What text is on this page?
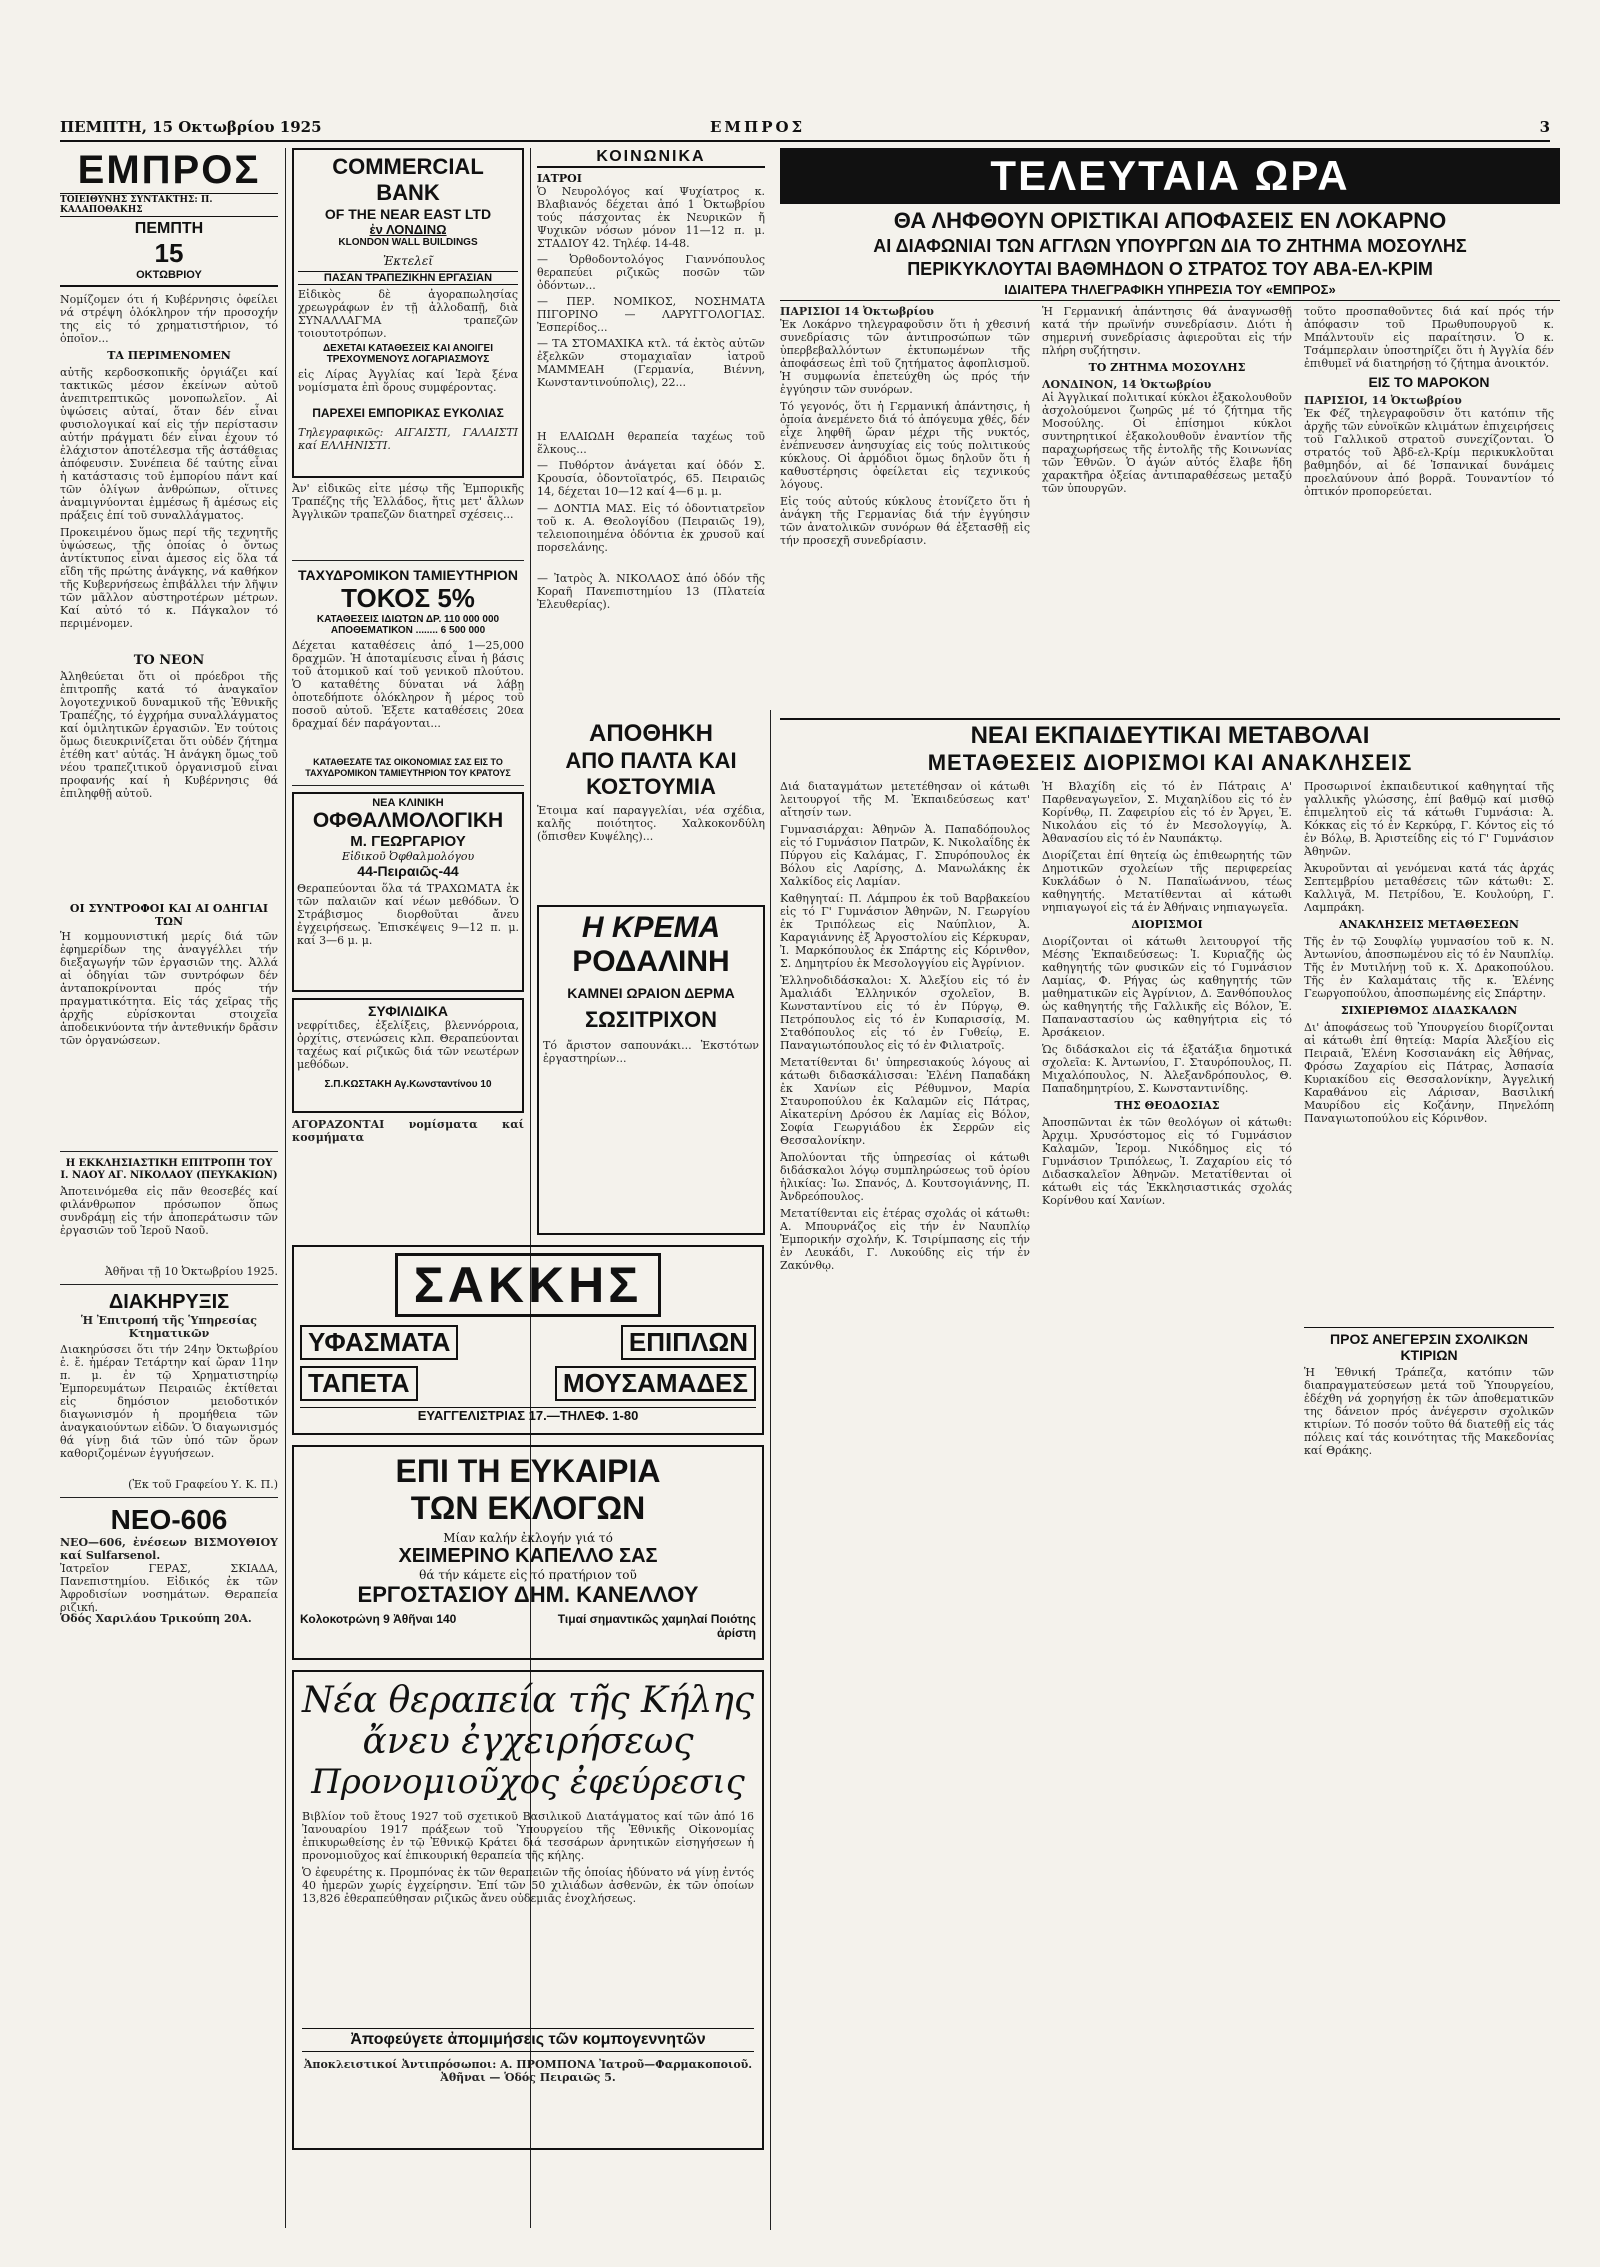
ΠΕΜΠΤΗ, 15 Οκτωβρίου 1925	ΕΜΠΡΟΣ	3
ΕΜΠΡΟΣ
ΤΟΙΕΙΘΥΝΗΣ ΣΥΝΤΑΚΤΗΣ: Π. ΚΑΛΑΠΟΘΑΚΗΣ
ΠΕΜΠΤΗ
15
ΟΚΤΩΒΡΙΟΥ
Νομίζομεν ότι ή Κυβέρνησις ὀφείλει νά στρέψη ὁλόκληρον τήν προσοχήν της εἰς τό χρηματιστήριον, τό ὁποῖον...
ΤΑ ΠΕΡΙΜΕΝΟΜΕΝ

αὐτῆς κερδοσκοπικῆς ὀργιάζει καί τακτικῶς μέσον ἐκείνων αὐτοῦ ἀνεπιτρεπτικῶς μονοπωλεῖον. Αἱ ὑψώσεις αὐταί, ὅταν δέν εἶναι φυσιολογικαί καί εἰς τήν περίστασιν αὐτήν πράγματι δέν εἶναι ἐχουν τό ἐλάχιστον ἀποτέλεσμα τῆς ἀστάθειας ἀπόφευσιν. Συνέπεια δέ ταύτης εἶναι ἡ κατάστασις τοῦ ἐμπορίου πάντ καί τῶν ὁλίγων ἀνθρώπων, οἵτινες ἀναμιγνύονται ἐμμέσως ἤ ἀμέσως εἰς πράξεις ἐπί τοῦ συναλλάγματος.

Προκειμένου ὅμως περί τῆς τεχνητῆς ὑψώσεως, τῆς ὁποίας ὁ ὄντως ἀντίκτυπος εἶναι ἀμεσος εἰς ὅλα τά εἴδη τῆς πρώτης ἀνάγκης, νά καθήκον τῆς Κυβερνήσεως ἐπιβάλλει τήν λῆψιν τῶν μᾶλλον αὐστηροτέρων μέτρων. Καί αὐτό τό κ. Πάγκαλον τό περιμένομεν.

ΤΟ ΝΕΟΝ

Ἀληθεύεται ὅτι οἱ πρόεδροι τῆς ἐπιτροπῆς κατά τό ἀναγκαῖον λογοτεχνικοῦ δυναμικοῦ τῆς Ἐθνικῆς Τραπέζης, τό ἐγχρήμα συναλλάγματος καί ὁμιλητικῶν ἐργασιῶν. Ἐν τούτοις ὅμως διευκρινίζεται ὅτι οὐδέν ζήτημα ἐτέθη κατ' αὐτάς. Ἡ ἀνάγκη ὅμως τοῦ νέου τραπεζιτικοῦ ὀργανισμοῦ εἶναι προφανής καί ἡ Κυβέρνησις θά ἐπιληφθῇ αὐτοῦ.

ΟΙ ΣΥΝΤΡΟΦΟΙ ΚΑΙ ΑΙ ΟΔΗΓΙΑΙ ΤΩΝ

Ἡ κομμουνιστική μερίς διά τῶν ἐφημερίδων της ἀναγγέλλει τήν διεξαγωγήν τῶν ἐργασιῶν της. Ἀλλά αἱ ὁδηγίαι τῶν συντρόφων δέν ἀνταποκρίνονται πρός τήν πραγματικότητα. Εἰς τάς χεῖρας τῆς ἀρχῆς εὑρίσκονται στοιχεῖα ἀποδεικνύοντα τήν ἀντεθνικήν δρᾶσιν τῶν ὀργανώσεων.

Η ΕΚΚΛΗΣΙΑΣΤΙΚΗ ΕΠΙΤΡΟΠΗ ΤΟΥ Ι. ΝΑΟΥ ΑΓ. ΝΙΚΟΛΑΟΥ (ΠΕΥΚΑΚΙΩΝ)

Ἀποτεινόμεθα εἰς πᾶν θεοσεβές καί φιλάνθρωπον πρόσωπον ὅπως συνδράμῃ εἰς τήν ἀποπεράτωσιν τῶν ἐργασιῶν τοῦ Ἱεροῦ Ναοῦ.

Ἀθῆναι τῇ 10 Ὀκτωβρίου 1925.
ΔΙΑΚΗΡΥΞΙΣ
Ἡ Ἐπιτροπή τῆς Ὑπηρεσίας Κτηματικῶν

Διακηρύσσει ὅτι τήν 24ην Ὀκτωβρίου ἐ. ἔ. ἡμέραν Τετάρτην καί ὥραν 11ην π. μ. ἐν τῷ Χρηματιστηρίῳ Ἐμπορευμάτων Πειραιῶς ἐκτίθεται εἰς δημόσιον μειοδοτικόν διαγωνισμόν ἡ προμήθεια τῶν ἀναγκαιούντων εἰδῶν. Ὁ διαγωνισμός θά γίνῃ διά τῶν ὑπό τῶν ὅρων καθοριζομένων ἐγγυήσεων.

(Ἐκ τοῦ Γραφείου Υ. Κ. Π.)
ΝΕΟ-606
ΝΕΟ—606, ἐνέσεων ΒΙΣΜΟΥΘΙΟΥ καί Sulfarsenol.

Ἰατρεῖον ΓΕΡΑΣ, ΣΚΙΑΔΑ, Πανεπιστημίου. Εἰδικός ἐκ τῶν Ἀφροδισίων νοσημάτων. Θεραπεία ριζική.

Ὁδός Χαριλάου Τρικούπη 20Α.
COMMERCIAL BANK
OF THE NEAR EAST LTD
ἐν ΛΟΝΔΙΝΩ
KLONDON WALL BUILDINGS
Ἐκτελεῖ
ΠΑΣΑΝ ΤΡΑΠΕΖΙΚΗΝ ΕΡΓΑΣΙΑΝ
Εἰδικὸς δὲ ἀγοραπωλησίας χρεωγράφων ἐν τῇ ἀλλοδαπῇ, διὰ ΣΥΝΑΛΛΑΓΜΑ τραπεζῶν τοιουτοτρόπων.
ΔΕΧΕΤΑΙ ΚΑΤΑΘΕΣΕΙΣ ΚΑΙ ΑΝΟΙΓΕΙ ΤΡΕΧΟΥΜΕΝΟΥΣ ΛΟΓΑΡΙΑΣΜΟΥΣ
εἰς Λίρας Ἀγγλίας καί Ἱερὰ ξένα νομίσματα ἐπὶ ὅρους συμφέροντας.
ΠΑΡΕΧΕΙ ΕΜΠΟΡΙΚΑΣ ΕΥΚΟΛΙΑΣ
Τηλεγραφικῶς: ΑΙΓΑΙΣΤΙ, ΓΑΛΑΙΣΤΙ καί ΕΛΛΗΝΙΣΤΙ.
Ἀν' εἰδικῶς εἶτε μέσῳ τῆς Ἐμπορικῆς Τραπέζης τῆς Ἑλλάδος, ἥτις μετ' ἄλλων Ἀγγλικῶν τραπεζῶν διατηρεῖ σχέσεις...
ΤΑΧΥΔΡΟΜΙΚΟΝ ΤΑΜΙΕΥΤΗΡΙΟΝ
ΤΟΚΟΣ 5%
ΚΑΤΑΘΕΣΕΙΣ ΙΔΙΩΤΩΝ ΔΡ. 110 000 000
ΑΠΟΘΕΜΑΤΙΚΟΝ ........ 6 500 000
Δέχεται καταθέσεις ἀπό 1—25,000 δραχμῶν. Ἡ ἀποταμίευσις εἶναι ἡ βάσις τοῦ ἀτομικοῦ καί τοῦ γενικοῦ πλούτου. Ὁ καταθέτης δύναται νά λάβῃ ὁποτεδήποτε ὁλόκληρον ἤ μέρος τοῦ ποσοῦ αὐτοῦ. Ἐξετε καταθέσεις 20εα δραχμαί δέν παράγονται...
ΚΑΤΑΘΕΣΑΤΕ ΤΑΣ ΟΙΚΟΝΟΜΙΑΣ ΣΑΣ ΕΙΣ ΤΟ ΤΑΧΥΔΡΟΜΙΚΟΝ ΤΑΜΙΕΥΤΗΡΙΟΝ ΤΟΥ ΚΡΑΤΟΥΣ
ΝΕΑ ΚΛΙΝΙΚΗ
ΟΦΘΑΛΜΟΛΟΓΙΚΗ
Μ. ΓΕΩΡΓΑΡΙΟΥ
Εἰδικοῦ Ὀφθαλμολόγου
44-Πειραιῶς-44
Θεραπεύονται ὅλα τά ΤΡΑΧΩΜΑΤΑ ἐκ τῶν παλαιῶν καί νέων μεθόδων. Ὁ Στράβισμος διορθοῦται ἄνευ ἐγχειρήσεως. Ἐπισκέψεις 9—12 π. μ. καί 3—6 μ. μ.
ΣΥΦΙΛΙΔΙΚΑ
νεφρίτιδες, ἐξελίξεις, βλεννόρροια, ὀρχίτις, στενώσεις κλπ. Θεραπεύονται ταχέως καί ριζικῶς διά τῶν νεωτέρων μεθόδων.
Σ.Π.ΚΩΣΤΑΚΗ Αγ.Κωνσταντίνου 10
ΑΓΟΡΑΖΟΝΤΑΙ νομίσματα καί κοσμήματα
ΚΟΙΝΩΝΙΚΑ
ΙΑΤΡΟΙ
Ὁ Νευρολόγος καί Ψυχίατρος κ. Βλαβιανός δέχεται ἀπό 1 Ὀκτωβρίου τούς πάσχοντας ἐκ Νευρικῶν ἤ Ψυχικῶν νόσων μόνον 11—12 π. μ. ΣΤΑΔΙΟΥ 42. Τηλέφ. 14-48.
— Ὀρθοδοντολόγος Γιαννόπουλος θεραπεύει ριζικῶς ποσῶν τῶν ὀδόντων...
— ΠΕΡ. ΝΟΜΙΚΟΣ, ΝΟΣΗΜΑΤΑ ΠΙΓΟΡΙΝΟ — ΛΑΡΥΓΓΟΛΟΓΙΑΣ. Ἐσπερίδος...
— ΤΑ ΣΤΟΜΑΧΙΚΑ κτλ. τά ἐκτὸς αὐτῶν ἐξελκῶν στομαχιαῖαν ἰατροῦ ΜΑΜΜΕΑΗ (Γερμανία, Βιέννη, Κωνσταντινούπολις), 22...
Η ΕΛΑΙΩΔΗ θεραπεία ταχέως τοῦ ἕλκους...

— Πυθόρτον ἀνάγεται καί ὁδόν Σ. Κρουσία, ὀδοντοϊατρός, 65. Πειραιῶς 14, δέχεται 10—12 καί 4—6 μ. μ.

— ΔΟΝΤΙΑ ΜΑΣ. Εἰς τό ὁδοντιατρεῖον τοῦ κ. Α. Θεολογίδου (Πειραιῶς 19), τελειοποιημένα ὀδόντια ἐκ χρυσοῦ καί πορσελάνης.

— Ἰατρὸς Ἀ. ΝΙΚΟΛΑΟΣ ἀπό ὁδόν τῆς Κοραῆ Πανεπιστημίου 13 (Πλατεία Ἐλευθερίας).
ΑΠΟΘΗΚΗ
ΑΠΟ ΠΑΛΤΑ ΚΑΙ ΚΟΣΤΟΥΜΙΑ
Ἑτοιμα καί παραγγελίαι, νέα σχέδια, καλῆς ποιότητος. Χαλκοκονδύλη (ὅπισθεν Κυψέλης)...
Η ΚΡΕΜΑ
ΡΟΔΑΛΙΝΗ
ΚΑΜΝΕΙ ΩΡΑΙΟΝ ΔΕΡΜΑ
ΣΩΣΙΤΡΙΧΟΝ
Τό ἄριστον σαπουνάκι... Ἐκστότων ἐργαστηρίων...
ΤΕΛΕΥΤΑΙΑ ΩΡΑ
ΘΑ ΛΗΦΘΟΥΝ ΟΡΙΣΤΙΚΑΙ ΑΠΟΦΑΣΕΙΣ ΕΝ ΛΟΚΑΡΝΟ
ΑΙ ΔΙΑΦΩΝΙΑΙ ΤΩΝ ΑΓΓΛΩΝ ΥΠΟΥΡΓΩΝ ΔΙΑ ΤΟ ΖΗΤΗΜΑ ΜΟΣΟΥΛΗΣ
ΠΕΡΙΚΥΚΛΟΥΤΑΙ ΒΑΘΜΗΔΟΝ Ο ΣΤΡΑΤΟΣ ΤΟΥ ΑΒΑ-ΕΛ-ΚΡΙΜ
ΙΔΙΑΙΤΕΡΑ ΤΗΛΕΓΡΑΦΙΚΗ ΥΠΗΡΕΣΙΑ ΤΟΥ «ΕΜΠΡΟΣ»
ΠΑΡΙΣΙΟΙ 14 Ὀκτωβρίου

Ἐκ Λοκάρνο τηλεγραφοῦσιν ὅτι ἡ χθεσινή συνεδρίασις τῶν ἀντιπροσώπων τῶν ὑπερβεβαλλόντων ἐκτυπωμένων τῆς ἀποφάσεως ἐπὶ τοῦ ζητήματος ἀφοπλισμοῦ. Ἡ συμφωνία ἐπετεύχθη ὡς πρός τήν ἐγγύησιν τῶν συνόρων.

Τό γεγονός, ὅτι ἡ Γερμανική ἀπάντησις, ἡ ὁποία ἀνεμένετο διά τό ἀπόγευμα χθές, δέν εἶχε ληφθῆ ὥραν μέχρι τῆς νυκτός, ἐνέπνευσεν ἀνησυχίας εἰς τούς πολιτικούς κύκλους. Οἱ ἀρμόδιοι ὅμως δηλοῦν ὅτι ἡ καθυστέρησις ὀφείλεται εἰς τεχνικούς λόγους.

Εἰς τούς αὐτούς κύκλους ἐτονίζετο ὅτι ἡ ἀνάγκη τῆς Γερμανίας διά τήν ἐγγύησιν τῶν ἀνατολικῶν συνόρων θά ἐξετασθῇ εἰς τήν προσεχῆ συνεδρίασιν.

Ἡ Γερμανική ἀπάντησις θά ἀναγνωσθῇ κατά τήν πρωϊνήν συνεδρίασιν. Διότι ἡ σημερινή συνεδρίασις ἀφιεροῦται εἰς τήν πλήρη συζήτησιν.

ΤΟ ΖΗΤΗΜΑ ΜΟΣΟΥΛΗΣ
ΛΟΝΔΙΝΟΝ, 14 Ὀκτωβρίου

Αἱ Ἀγγλικαί πολιτικαί κύκλοι ἐξακολουθοῦν ἀσχολούμενοι ζωηρῶς μέ τό ζήτημα τῆς Μοσούλης. Οἱ ἐπίσημοι κύκλοι συντηρητικοί ἐξακολουθοῦν ἐναντίον τῆς παραχωρήσεως τῆς ἐντολῆς τῆς Κοινωνίας τῶν Ἐθνῶν. Ὁ ἀγών αὐτός ἔλαβε ἤδη χαρακτῆρα ὀξείας ἀντιπαραθέσεως μεταξύ τῶν ὑπουργῶν.

τοῦτο προσπαθοῦντες διά καί πρός τήν ἀπόφασιν τοῦ Πρωθυπουργοῦ κ. Μπάλντουϊν εἰς παραίτησιν. Ὁ κ. Τσάμπερλαιν ὑποστηρίζει ὅτι ἡ Ἀγγλία δέν ἐπιθυμεῖ νά διατηρήσῃ τό ζήτημα ἀνοικτόν.

ΕΙΣ ΤΟ ΜΑΡΟΚΟΝ
ΠΑΡΙΣΙΟΙ, 14 Ὀκτωβρίου

Ἐκ Φέζ τηλεγραφοῦσιν ὅτι κατόπιν τῆς ἀρχῆς τῶν εὐνοϊκῶν κλιμάτων ἐπιχειρήσεις τοῦ Γαλλικοῦ στρατοῦ συνεχίζονται. Ὁ στρατός τοῦ Ἀβδ-ελ-Κρίμ περικυκλοῦται βαθμηδόν, αἱ δέ Ἱσπανικαί δυνάμεις προελαύνουν ἀπό βορρᾶ. Τουναντίον τό ὀπτικόν προπορεύεται.

ΝΕΑΙ ΕΚΠΑΙΔΕΥΤΙΚΑΙ ΜΕΤΑΒΟΛΑΙ
ΜΕΤΑΘΕΣΕΙΣ ΔΙΟΡΙΣΜΟΙ ΚΑΙ ΑΝΑΚΛΗΣΕΙΣ

Διά διαταγμάτων μετετέθησαν οἱ κάτωθι λειτουργοί τῆς Μ. Ἐκπαιδεύσεως κατ' αἴτησίν των.

Γυμνασιάρχαι: Ἀθηνῶν Ἀ. Παπαδόπουλος εἰς τό Γυμνάσιον Πατρῶν, Κ. Νικολαΐδης ἐκ Πύργου εἰς Καλάμας, Γ. Σπυρόπουλος ἐκ Βόλου εἰς Λαρίσης, Δ. Μανωλάκης ἐκ Χαλκίδος εἰς Λαμίαν.

Καθηγηταί: Π. Λάμπρου ἐκ τοῦ Βαρβακείου εἰς τό Γ' Γυμνάσιον Ἀθηνῶν, Ν. Γεωργίου ἐκ Τριπόλεως εἰς Ναύπλιον, Ἀ. Καραγιάννης ἐξ Ἀργοστολίου εἰς Κέρκυραν, Ἰ. Μαρκόπουλος ἐκ Σπάρτης εἰς Κόρινθον, Σ. Δημητρίου ἐκ Μεσολογγίου εἰς Ἀγρίνιον.

Ἐλληνοδιδάσκαλοι: Χ. Ἀλεξίου εἰς τό ἐν Ἀμαλιάδι Ἑλληνικόν σχολεῖον, Β. Κωνσταντίνου εἰς τό ἐν Πύργῳ, Θ. Πετρόπουλος εἰς τό ἐν Κυπαρισσίᾳ, Μ. Σταθόπουλος εἰς τό ἐν Γυθείῳ, Ε. Παναγιωτόπουλος εἰς τό ἐν Φιλιατροῖς.

Μετατίθενται δι' ὑπηρεσιακούς λόγους αἱ κάτωθι διδασκάλισσαι: Ἐλένη Παπαδάκη ἐκ Χανίων εἰς Ρέθυμνον, Μαρία Σταυροπούλου ἐκ Καλαμῶν εἰς Πάτρας, Αἰκατερίνη Δρόσου ἐκ Λαμίας εἰς Βόλον, Σοφία Γεωργιάδου ἐκ Σερρῶν εἰς Θεσσαλονίκην.

Ἀπολύονται τῆς ὑπηρεσίας οἱ κάτωθι διδάσκαλοι λόγῳ συμπληρώσεως τοῦ ὁρίου ἡλικίας: Ἰω. Σπανός, Δ. Κουτσογιάννης, Π. Ἀνδρεόπουλος.

Μετατίθενται εἰς ἑτέρας σχολάς οἱ κάτωθι: Α. Μπουρνάζος εἰς τήν ἐν Ναυπλίῳ Ἐμπορικήν σχολήν, Κ. Τσιρίμπασης εἰς τήν ἐν Λευκάδι, Γ. Λυκούδης εἰς τήν ἐν Ζακύνθῳ.

Ἡ Βλαχίδη εἰς τό ἐν Πάτραις Α' Παρθεναγωγεῖον, Σ. Μιχαηλίδου εἰς τό ἐν Κορίνθῳ, Π. Ζαφειρίου εἰς τό ἐν Ἄργει, Ἐ. Νικολάου εἰς τό ἐν Μεσολογγίῳ, Ἀ. Ἀθανασίου εἰς τό ἐν Ναυπάκτῳ.

Διορίζεται ἐπί θητείᾳ ὡς ἐπιθεωρητής τῶν Δημοτικῶν σχολείων τῆς περιφερείας Κυκλάδων ὁ Ν. Παπαϊωάννου, τέως καθηγητής. Μετατίθενται αἱ κάτωθι νηπιαγωγοί εἰς τά ἐν Ἀθήναις νηπιαγωγεῖα.

ΔΙΟΡΙΣΜΟΙ

Διορίζονται οἱ κάτωθι λειτουργοί τῆς Μέσης Ἐκπαιδεύσεως: Ἰ. Κυριαζῆς ὡς καθηγητής τῶν φυσικῶν εἰς τό Γυμνάσιον Λαμίας, Φ. Ρήγας ὡς καθηγητής τῶν μαθηματικῶν εἰς Ἀγρίνιον, Δ. Ξανθόπουλος ὡς καθηγητής τῆς Γαλλικῆς εἰς Βόλον, Ἐ. Παπαναστασίου ὡς καθηγήτρια εἰς τό Ἀρσάκειον.

Ὡς διδάσκαλοι εἰς τά ἑξατάξια δημοτικά σχολεῖα: Κ. Ἀντωνίου, Γ. Σταυρόπουλος, Π. Μιχαλόπουλος, Ν. Ἀλεξανδρόπουλος, Θ. Παπαδημητρίου, Σ. Κωνσταντινίδης.

ΤΗΣ ΘΕΟΔΟΣΙΑΣ

Ἀποσπῶνται ἐκ τῶν θεολόγων οἱ κάτωθι: Ἀρχιμ. Χρυσόστομος εἰς τό Γυμνάσιον Καλαμῶν, Ἱερομ. Νικόδημος εἰς τό Γυμνάσιον Τριπόλεως, Ἰ. Ζαχαρίου εἰς τό Διδασκαλεῖον Ἀθηνῶν. Μετατίθενται οἱ κάτωθι εἰς τάς Ἐκκλησιαστικάς σχολάς Κορίνθου καί Χανίων.

Προσωρινοί ἐκπαιδευτικοί καθηγηταί τῆς γαλλικῆς γλώσσης, ἐπί βαθμῷ καί μισθῷ ἐπιμελητοῦ εἰς τά κάτωθι Γυμνάσια: Ἀ. Κόκκας εἰς τό ἐν Κερκύρᾳ, Γ. Κόντος εἰς τό ἐν Βόλῳ, Β. Ἀριστείδης εἰς τό Γ' Γυμνάσιον Ἀθηνῶν.

Ἀκυροῦνται αἱ γενόμεναι κατά τάς ἀρχάς Σεπτεμβρίου μεταθέσεις τῶν κάτωθι: Σ. Καλλιγᾶ, Μ. Πετρίδου, Ἐ. Κουλούρη, Γ. Λαμπράκη.

ΑΝΑΚΛΗΣΕΙΣ ΜΕΤΑΘΕΣΕΩΝ

Τῆς ἐν τῷ Σουφλίῳ γυμνασίου τοῦ κ. Ν. Ἀντωνίου, ἀποσπωμένου εἰς τό ἐν Ναυπλίῳ. Τῆς ἐν Μυτιλήνῃ τοῦ κ. Χ. Δρακοπούλου. Τῆς ἐν Καλαμάταις τῆς κ. Ἑλένης Γεωργοπούλου, ἀποσπωμένης εἰς Σπάρτην.

ΣΙΧΙΕΡΙΘΜΟΣ ΔΙΔΑΣΚΑΛΩΝ

Δι' ἀποφάσεως τοῦ Ὑπουργείου διορίζονται αἱ κάτωθι ἐπί θητείᾳ: Μαρία Ἀλεξίου εἰς Πειραιᾶ, Ἑλένη Κοσσιανάκη εἰς Ἀθήνας, Φρόσω Ζαχαρίου εἰς Πάτρας, Ἀσπασία Κυριακίδου εἰς Θεσσαλονίκην, Ἀγγελική Καραθάνου εἰς Λάρισαν, Βασιλική Μαυρίδου εἰς Κοζάνην, Πηνελόπη Παναγιωτοπούλου εἰς Κόρινθον.

ΠΡΟΣ ΑΝΕΓΕΡΣΙΝ ΣΧΟΛΙΚΩΝ ΚΤΙΡΙΩΝ

Ἡ Ἐθνική Τράπεζα, κατόπιν τῶν διαπραγματεύσεων μετά τοῦ Ὑπουργείου, ἐδέχθη νά χορηγήσῃ ἐκ τῶν ἀποθεματικῶν της δάνειον πρός ἀνέγερσιν σχολικῶν κτιρίων. Τό ποσόν τοῦτο θά διατεθῇ εἰς τάς πόλεις καί τάς κοινότητας τῆς Μακεδονίας καί Θράκης.

ΣΑΚΚΗΣ
ΥΦΑΣΜΑΤΑ	ΕΠΙΠΛΩΝ
ΤΑΠΕΤΑ	ΜΟΥΣΑΜΑΔΕΣ
ΕΥΑΓΓΕΛΙΣΤΡΙΑΣ 17.—ΤΗΛΕΦ. 1-80
ΕΠΙ ΤΗ ΕΥΚΑΙΡΙΑ
ΤΩΝ ΕΚΛΟΓΩΝ
Μίαν καλήν ἐκλογήν γιά τό
ΧΕΙΜΕΡΙΝΟ ΚΑΠΕΛΛΟ ΣΑΣ
θά τήν κάμετε εἰς τό πρατήριον τοῦ
ΕΡΓΟΣΤΑΣΙΟΥ ΔΗΜ. ΚΑΝΕΛΛΟΥ
Κολοκοτρώνη 9 Ἀθῆναι 140	Τιμαί σημαντικῶς χαμηλαί Ποιότης ἀρίστη
Νέα θεραπεία τῆς Κήλης
ἄνευ ἐγχειρήσεως
Προνομιοῦχος ἐφεύρεσις

Βιβλίον τοῦ ἔτους 1927 τοῦ σχετικοῦ Βασιλικοῦ Διατάγματος καί τῶν ἀπό 16 Ἰανουαρίου 1917 πράξεων τοῦ Ὑπουργείου τῆς Ἐθνικῆς Οἰκονομίας ἐπικυρωθείσης ἐν τῷ Ἐθνικῷ Κράτει διά τεσσάρων ἀρνητικῶν εἰσηγήσεων ἡ προνομιοῦχος καί ἐπικουρική θεραπεία τῆς κήλης.

Ὁ ἐφευρέτης κ. Προμπόνας ἐκ τῶν θεραπειῶν τῆς ὁποίας ἠδύνατο νά γίνῃ ἐντός 40 ἡμερῶν χωρίς ἐγχείρησιν. Ἐπί τῶν 50 χιλιάδων ἀσθενῶν, ἐκ τῶν ὁποίων 13,826 ἐθεραπεύθησαν ριζικῶς ἄνευ οὐδεμιᾶς ἐνοχλήσεως.

Ἀποφεύγετε ἀπομιμήσεις τῶν κομπογεννητῶν
Ἀποκλειστικοί Ἀντιπρόσωποι: Α. ΠΡΟΜΠΟΝΑ Ἰατροῦ—Φαρμακοποιοῦ. Ἀθῆναι — Ὁδός Πειραιῶς 5.
